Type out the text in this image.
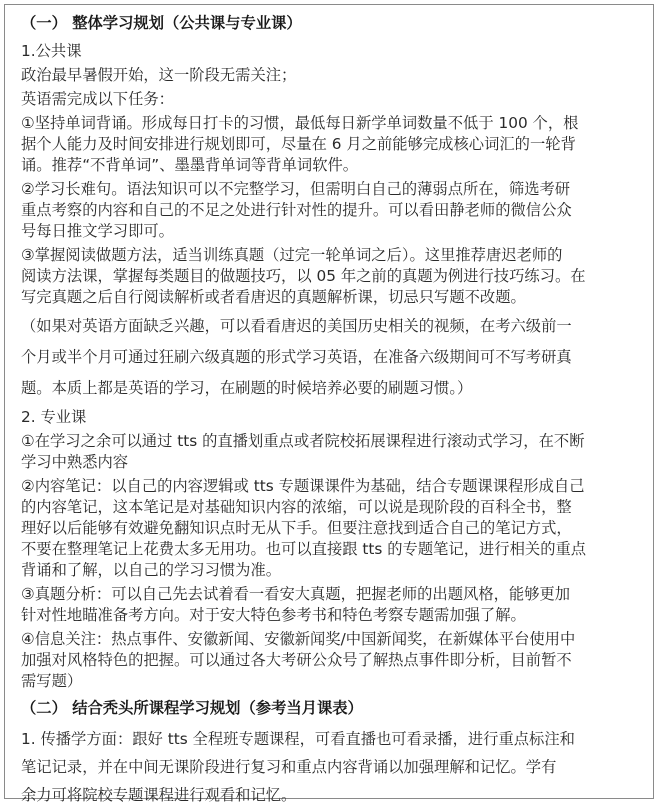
（一） 整体学习规划（公共课与专业课）
1.公共课
政治最早暑假开始，这一阶段无需关注；
英语需完成以下任务：
①坚持单词背诵。形成每日打卡的习惯，最低每日新学单词数量不低于 100 个，根
据个人能力及时间安排进行规划即可，尽量在 6 月之前能够完成核心词汇的一轮背
诵。推荐“不背单词”、墨墨背单词等背单词软件。
②学习长难句。语法知识可以不完整学习，但需明白自己的薄弱点所在，筛选考研
重点考察的内容和自己的不足之处进行针对性的提升。可以看田静老师的微信公众
号每日推文学习即可。
③掌握阅读做题方法，适当训练真题（过完一轮单词之后）。这里推荐唐迟老师的
阅读方法课，掌握每类题目的做题技巧，以 05 年之前的真题为例进行技巧练习。在
写完真题之后自行阅读解析或者看唐迟的真题解析课，切忌只写题不改题。
（如果对英语方面缺乏兴趣，可以看看唐迟的美国历史相关的视频，在考六级前一
个月或半个月可通过狂刷六级真题的形式学习英语，在准备六级期间可不写考研真
题。本质上都是英语的学习，在刷题的时候培养必要的刷题习惯。）
2. 专业课
①在学习之余可以通过 tts 的直播划重点或者院校拓展课程进行滚动式学习，在不断
学习中熟悉内容
②内容笔记：以自己的内容逻辑或 tts 专题课课件为基础，结合专题课课程形成自己
的内容笔记，这本笔记是对基础知识内容的浓缩，可以说是现阶段的百科全书，整
理好以后能够有效避免翻知识点时无从下手。但要注意找到适合自己的笔记方式，
不要在整理笔记上花费太多无用功。也可以直接跟 tts 的专题笔记，进行相关的重点
背诵和了解，以自己的学习习惯为准。
③真题分析：可以自己先去试着看一看安大真题，把握老师的出题风格，能够更加
针对性地瞄准备考方向。对于安大特色参考书和特色考察专题需加强了解。
④信息关注：热点事件、安徽新闻、安徽新闻奖/中国新闻奖，在新媒体平台使用中
加强对风格特色的把握。可以通过各大考研公众号了解热点事件即分析，目前暂不
需写题）
（二） 结合秃头所课程学习规划（参考当月课表）
1. 传播学方面：跟好 tts 全程班专题课程，可看直播也可看录播，进行重点标注和
笔记记录，并在中间无课阶段进行复习和重点内容背诵以加强理解和记忆。学有
余力可将院校专题课程进行观看和记忆。
